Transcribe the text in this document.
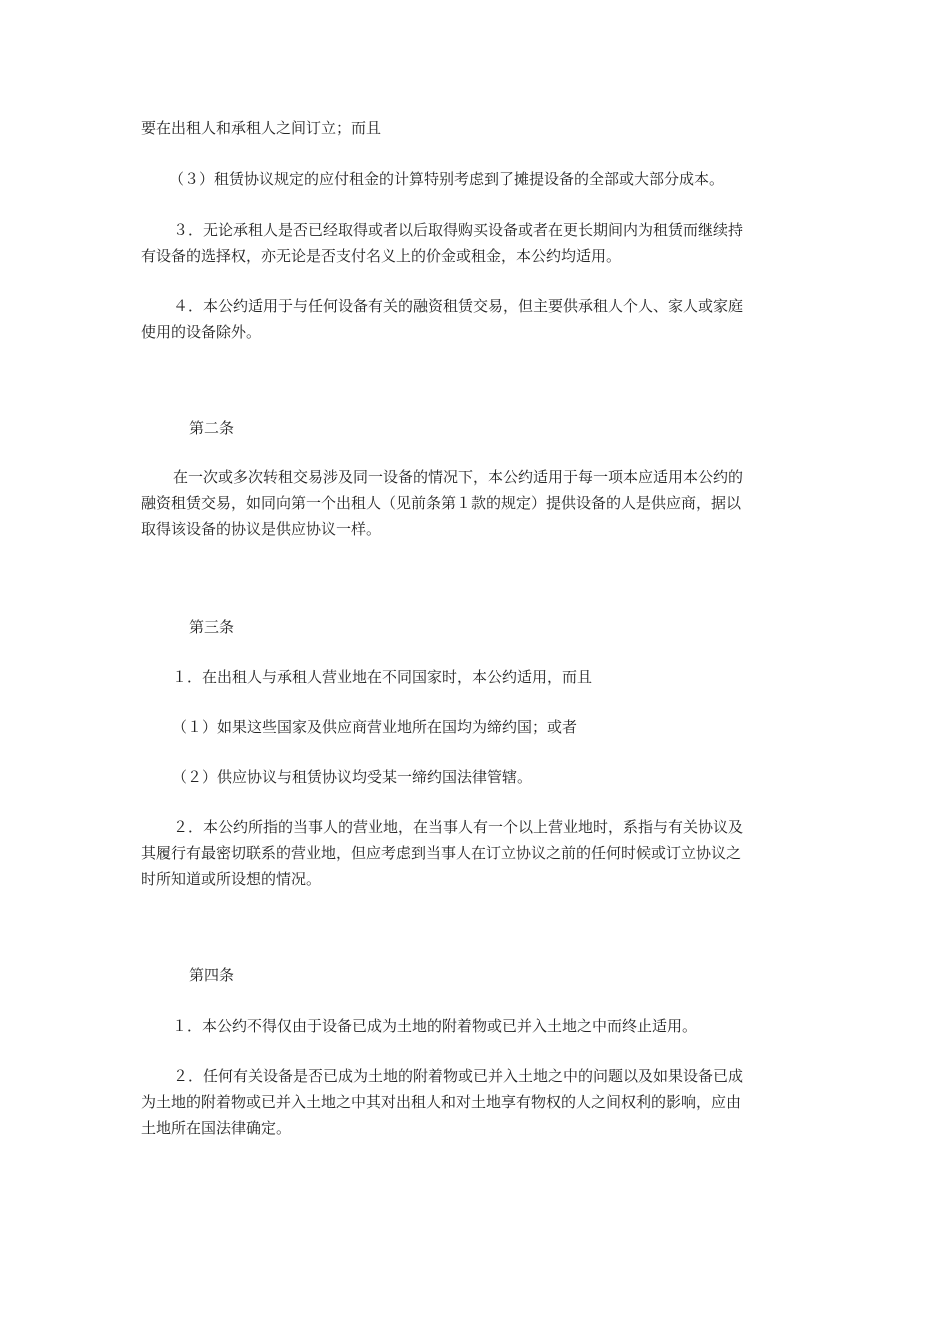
要在出租人和承租人之间订立；而且

（３）租赁协议规定的应付租金的计算特别考虑到了摊提设备的全部或大部分成本。

３．无论承租人是否已经取得或者以后取得购买设备或者在更长期间内为租赁而继续持
有设备的选择权，亦无论是否支付名义上的价金或租金，本公约均适用。

４．本公约适用于与任何设备有关的融资租赁交易，但主要供承租人个人、家人或家庭
使用的设备除外。

第二条

在一次或多次转租交易涉及同一设备的情况下，本公约适用于每一项本应适用本公约的
融资租赁交易，如同向第一个出租人（见前条第１款的规定）提供设备的人是供应商，据以
取得该设备的协议是供应协议一样。

第三条

１．在出租人与承租人营业地在不同国家时，本公约适用，而且

（１）如果这些国家及供应商营业地所在国均为缔约国；或者

（２）供应协议与租赁协议均受某一缔约国法律管辖。

２．本公约所指的当事人的营业地，在当事人有一个以上营业地时，系指与有关协议及
其履行有最密切联系的营业地，但应考虑到当事人在订立协议之前的任何时候或订立协议之
时所知道或所设想的情况。

第四条

１．本公约不得仅由于设备已成为土地的附着物或已并入土地之中而终止适用。

２．任何有关设备是否已成为土地的附着物或已并入土地之中的问题以及如果设备已成
为土地的附着物或已并入土地之中其对出租人和对土地享有物权的人之间权利的影响，应由
土地所在国法律确定。
